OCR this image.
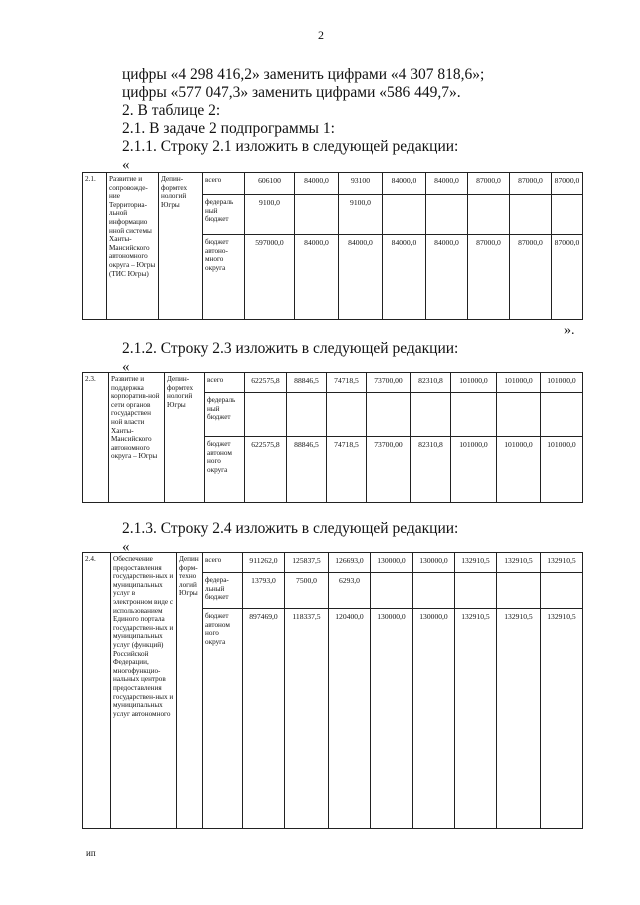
2
цифры «4 298 416,2» заменить цифрами «4 307 818,6»;
цифры «577 047,3» заменить цифрами «586 449,7».
2. В таблице 2:
2.1. В задаче 2 подпрограммы 1:
2.1.1. Строку 2.1 изложить в следующей редакции:
«
2.1.	Развитие и сопровожде-ние Территориа-льной информацио нной системы Ханты-Мансийского автономного округа – Югры (ТИС Югры)	Депин-формтех нологий Югры	всего	606100	84000,0	93100	84000,0	84000,0	87000,0	87000,0	87000,0
			федераль ный бюджет	9100,0		9100,0					
			бюджет автоно-много округа	597000,0	84000,0	84000,0	84000,0	84000,0	87000,0	87000,0	87000,0
».
2.1.2. Строку 2.3 изложить в следующей редакции:
«
2.3.	Развитие и поддержка корпоратив-ной сети органов государствен ной власти Ханты-Мансийского автономного округа – Югры	Депин-формтех нологий Югры	всего	622575,8	88846,5	74718,5	73700,00	82310,8	101000,0	101000,0	101000,0
			федераль ный бюджет								
			бюджет автоном ного округа	622575,8	88846,5	74718,5	73700,00	82310,8	101000,0	101000,0	101000,0
2.1.3. Строку 2.4 изложить в следующей редакции:
«
2.4.	Обеспечение предоставления государствен-ных и муниципальных услуг в электронном виде с использованием Единого портала государствен-ных и муниципальных услуг (функций) Российской Федерации, многофункцио-нальных центров предоставления государствен-ных и муниципальных услуг автономного	Депин форм-техно логий Югры	всего	911262,0	125837,5	126693,0	130000,0	130000,0	132910,5	132910,5	132910,5
			федера-льный бюджет	13793,0	7500,0	6293,0					
			бюджет автоном ного округа	897469,0	118337,5	120400,0	130000,0	130000,0	132910,5	132910,5	132910,5
ип
